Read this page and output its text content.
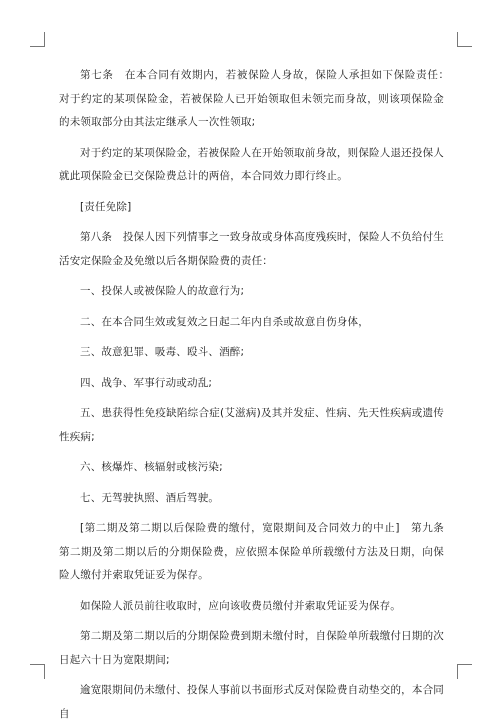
第七条　在本合同有效期内，若被保险人身故，保险人承担如下保险责任：　对于约定的某项保险金，若被保险人已开始领取但未领完而身故，则该项保险金的未领取部分由其法定继承人一次性领取;

对于约定的某项保险金，若被保险人在开始领取前身故，则保险人退还投保人就此项保险金已交保险费总计的两倍，本合同效力即行终止。

[责任免除]

第八条　投保人因下列情事之一致身故或身体高度残疾时，保险人不负给付生活安定保险金及免缴以后各期保险费的责任：

一、投保人或被保险人的故意行为;

二、在本合同生效或复效之日起二年内自杀或故意自伤身体，

三、故意犯罪、吸毒、殴斗、酒醉;

四、战争、军事行动或动乱;

五、患获得性免疫缺陷综合症(艾滋病)及其并发症、性病、先天性疾病或遗传性疾病;

六、核爆炸、核辐射或核污染;

七、无驾驶执照、酒后驾驶。

[第二期及第二期以后保险费的缴付，宽限期间及合同效力的中止]　第九条　第二期及第二期以后的分期保险费，应依照本保险单所载缴付方法及日期，向保险人缴付并索取凭证妥为保存。

如保险人派员前往收取时，应向该收费员缴付并索取凭证妥为保存。

第二期及第二期以后的分期保险费到期未缴付时，自保险单所载缴付日期的次日起六十日为宽限期间;

逾宽限期间仍未缴付、投保人事前以书面形式反对保险费自动垫交的，本合同自
